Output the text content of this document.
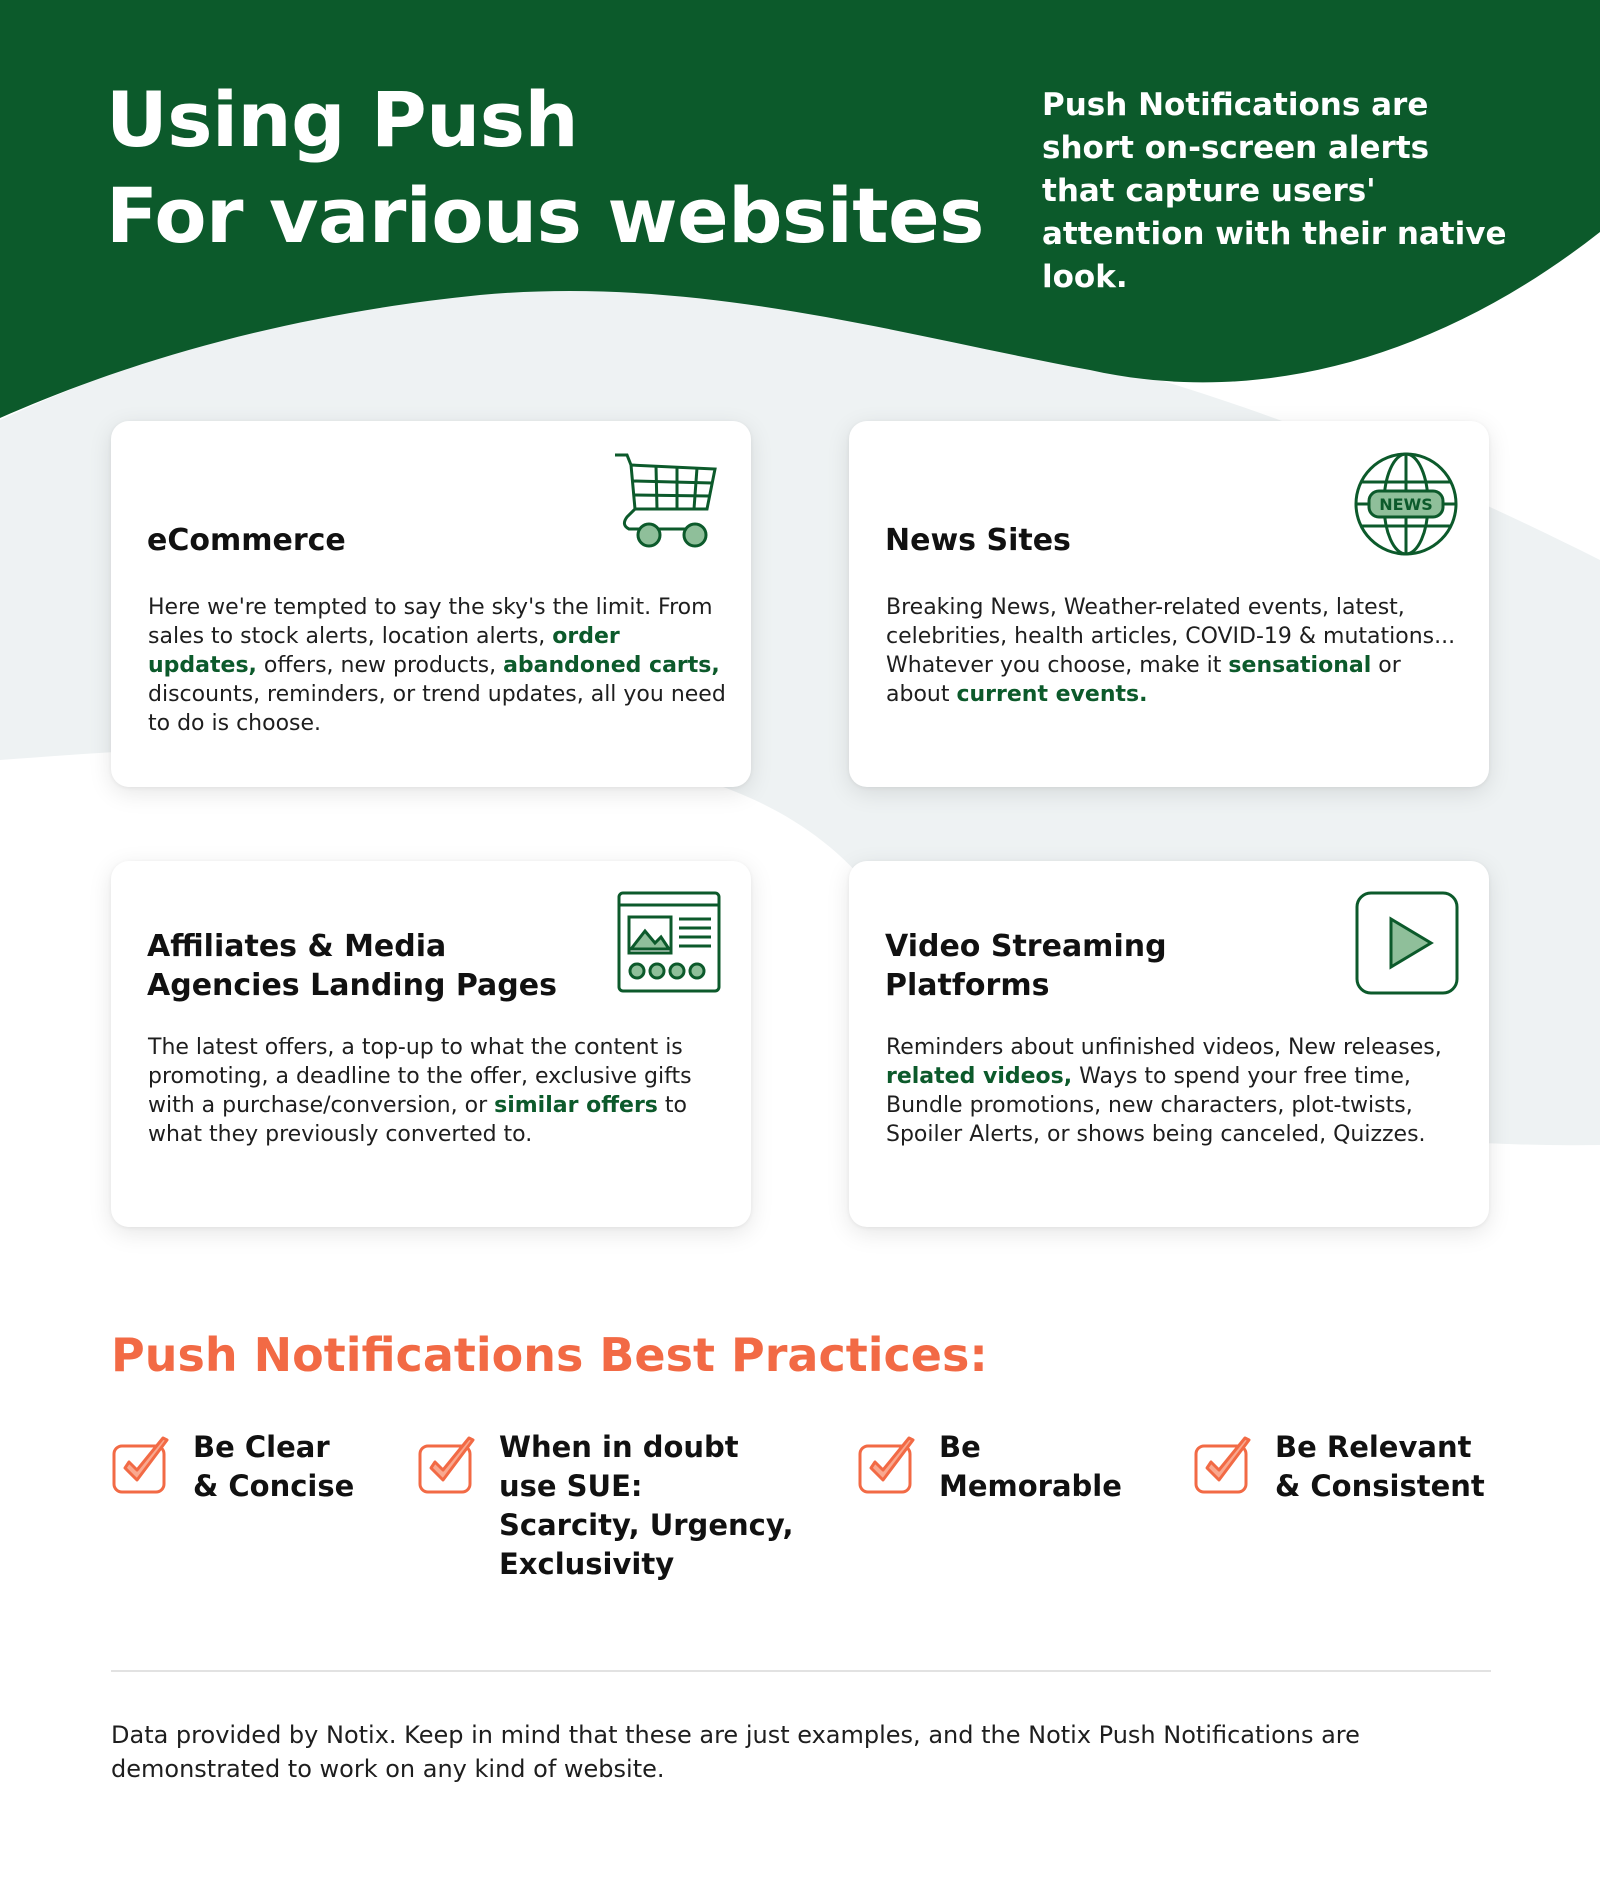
Using Push
For various websites

Push Notifications are short on-screen alerts that capture users' attention with their native look.

eCommerce

Here we're tempted to say the sky's the limit. From sales to stock alerts, location alerts, order updates, offers, new products, abandoned carts, discounts, reminders, or trend updates, all you need to do is choose.

NEWS
News Sites

Breaking News, Weather-related events, latest, celebrities, health articles, COVID-19 & mutations... Whatever you choose, make it sensational or about current events.

Affiliates & Media
Agencies Landing Pages

The latest offers, a top-up to what the content is promoting, a deadline to the offer, exclusive gifts with a purchase/conversion, or similar offers to what they previously converted to.

Video Streaming
Platforms

Reminders about unfinished videos, New releases, related videos, Ways to spend your free time, Bundle promotions, new characters, plot-twists, Spoiler Alerts, or shows being canceled, Quizzes.

Push Notifications Best Practices:
Be Clear
& Concise
When in doubt
use SUE:
Scarcity, Urgency,
Exclusivity
Be
Memorable
Be Relevant
& Consistent

Data provided by Notix. Keep in mind that these are just examples, and the Notix Push Notifications are demonstrated to work on any kind of website.
